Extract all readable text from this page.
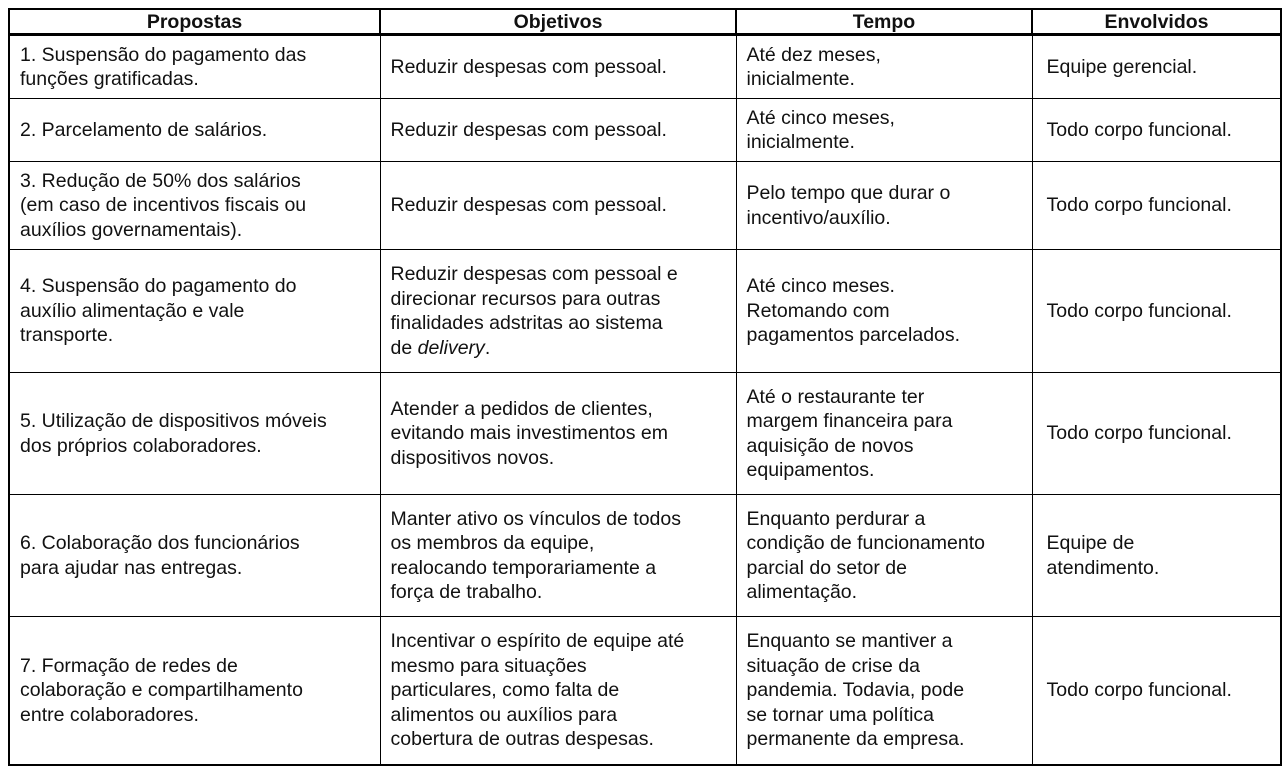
Propostas	Objetivos	Tempo	Envolvidos

1. Suspensão do pagamento das
funções gratificadas.	Reduzir despesas com pessoal.	Até dez meses,
inicialmente.	Equipe gerencial.

2. Parcelamento de salários.	Reduzir despesas com pessoal.	Até cinco meses,
inicialmente.	Todo corpo funcional.

3. Redução de 50% dos salários
(em caso de incentivos fiscais ou
auxílios governamentais).	Reduzir despesas com pessoal.	Pelo tempo que durar o
incentivo/auxílio.	Todo corpo funcional.

4. Suspensão do pagamento do
auxílio alimentação e vale
transporte.	Reduzir despesas com pessoal e
direcionar recursos para outras
finalidades adstritas ao sistema
de delivery.	Até cinco meses.
Retomando com
pagamentos parcelados.	Todo corpo funcional.

5. Utilização de dispositivos móveis
dos próprios colaboradores.	Atender a pedidos de clientes,
evitando mais investimentos em
dispositivos novos.	Até o restaurante ter
margem financeira para
aquisição de novos
equipamentos.	Todo corpo funcional.

6. Colaboração dos funcionários
para ajudar nas entregas.	Manter ativo os vínculos de todos
os membros da equipe,
realocando temporariamente a
força de trabalho.	Enquanto perdurar a
condição de funcionamento
parcial do setor de
alimentação.	Equipe de
atendimento.

7. Formação de redes de
colaboração e compartilhamento
entre colaboradores.	Incentivar o espírito de equipe até
mesmo para situações
particulares, como falta de
alimentos ou auxílios para
cobertura de outras despesas.	Enquanto se mantiver a
situação de crise da
pandemia. Todavia, pode
se tornar uma política
permanente da empresa.	Todo corpo funcional.
